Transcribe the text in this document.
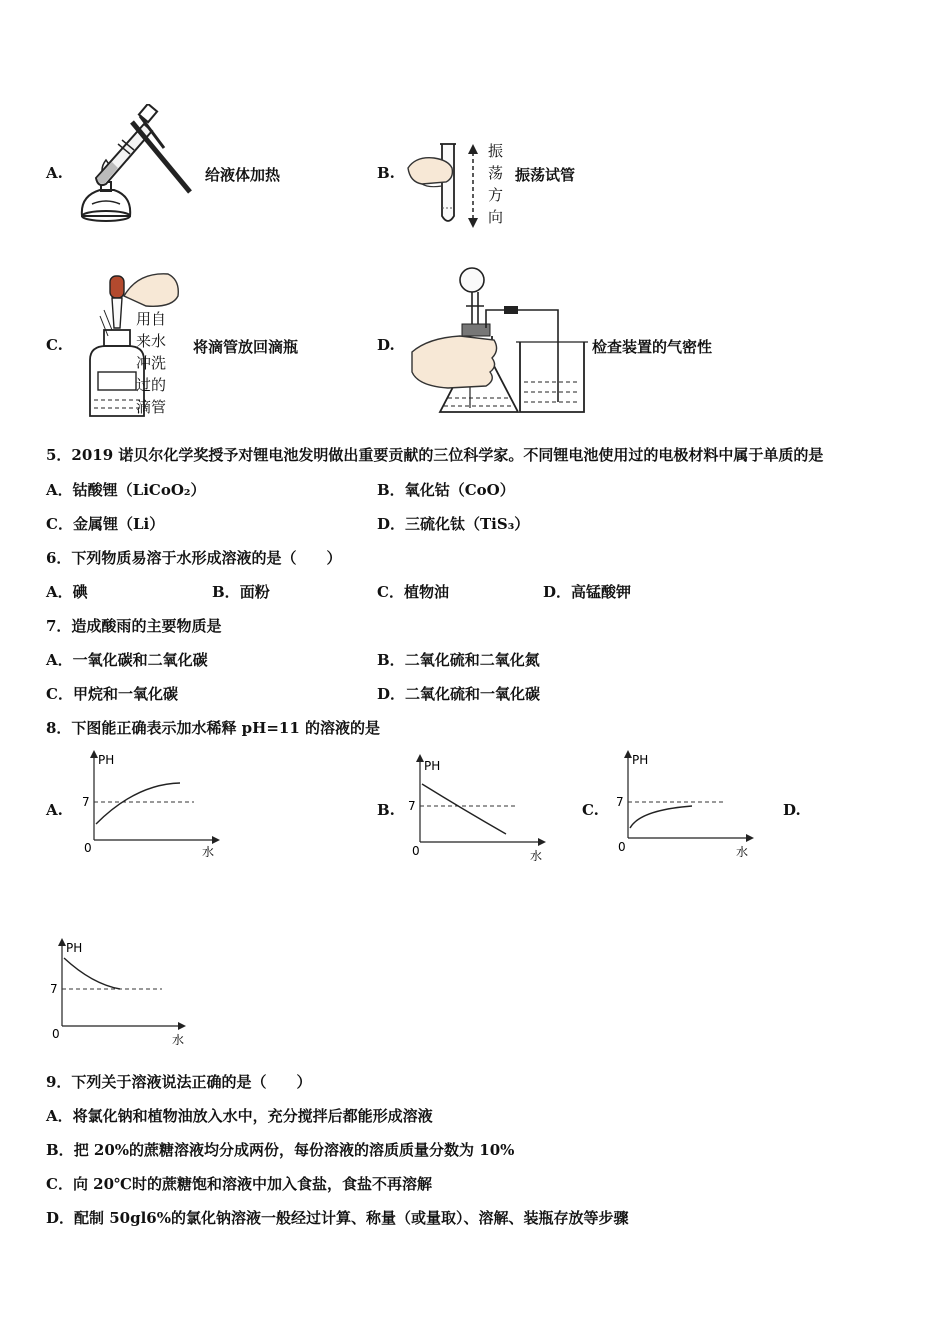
A.	给液体加热	B.
振
荡
方
向
振荡试管
C.
用自
来水
冲洗
过的
滴管
将滴管放回滴瓶	D.	检查装置的气密性
5．2019 诺贝尔化学奖授予对锂电池发明做出重要贡献的三位科学家。不同锂电池使用过的电极材料中属于单质的是
A．钴酸锂（LiCoO₂）	B．氧化钴（CoO）
C．金属锂（Li）	D．三硫化钛（TiS₃）
6．下列物质易溶于水形成溶液的是（　　）
A．碘	B．面粉	C．植物油	D．高锰酸钾
7．造成酸雨的主要物质是
A．一氧化碳和二氧化碳	B．二氧化硫和二氧化氮
C．甲烷和一氧化碳	D．二氧化硫和一氧化碳
8．下图能正确表示加水稀释 pH=11 的溶液的是
A.	B.	C.	D.
PH
水
0
7
PH
水
0
7
PH
水
0
7
PH
水
0
7
9．下列关于溶液说法正确的是（　　）
A．将氯化钠和植物油放入水中，充分搅拌后都能形成溶液
B．把 20%的蔗糖溶液均分成两份，每份溶液的溶质质量分数为 10%
C．向 20℃时的蔗糖饱和溶液中加入食盐，食盐不再溶解
D．配制 50gl6%的氯化钠溶液一般经过计算、称量（或量取）、溶解、装瓶存放等步骤
